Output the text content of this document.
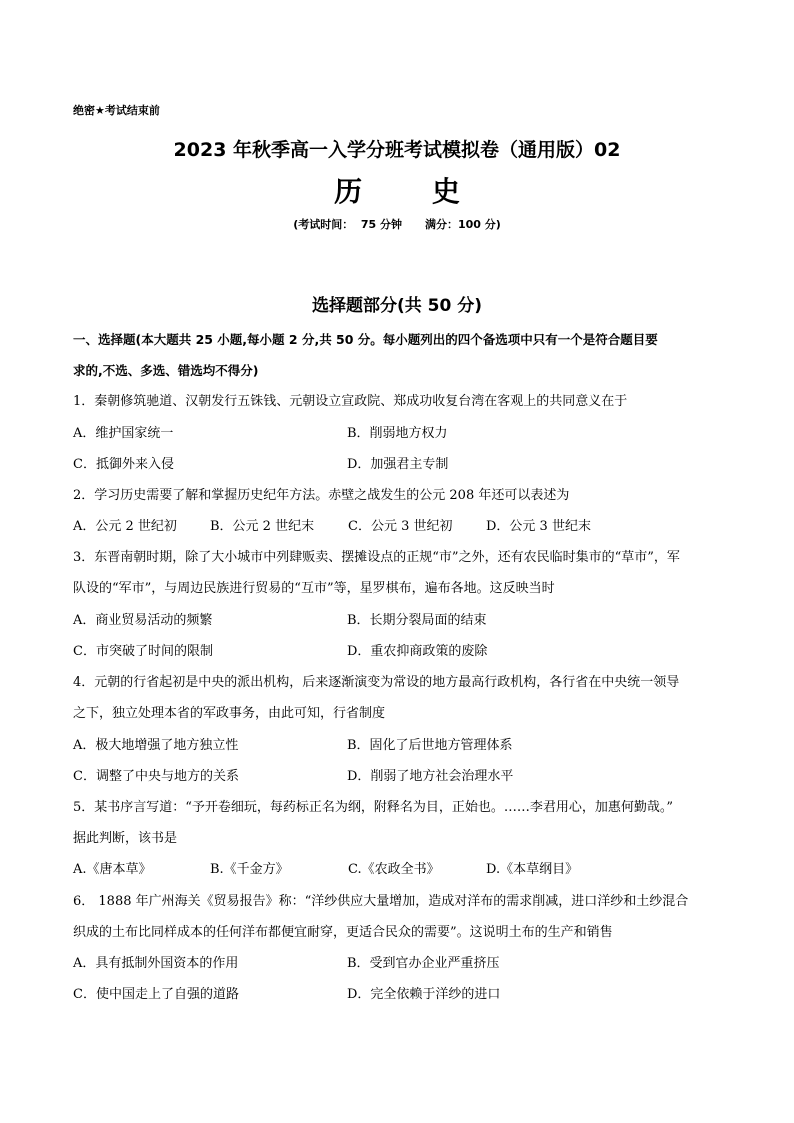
绝密★考试结束前
2023 年秋季高一入学分班考试模拟卷（通用版）02
历 史
(考试时间：  75 分钟      满分：100 分)
选择题部分(共 50 分)
一、选择题(本大题共 25 小题,每小题 2 分,共 50 分。每小题列出的四个备选项中只有一个是符合题目要
求的,不选、多选、错选均不得分)
1．秦朝修筑驰道、汉朝发行五铢钱、元朝设立宣政院、郑成功收复台湾在客观上的共同意义在于
A．维护国家统一	B．削弱地方权力
C．抵御外来入侵	D．加强君主专制
2．学习历史需要了解和掌握历史纪年方法。赤壁之战发生的公元 208 年还可以表述为
A．公元 2 世纪初	B．公元 2 世纪末	C．公元 3 世纪初	D．公元 3 世纪末
3．东晋南朝时期，除了大小城市中列肆贩卖、摆摊设点的正规“市”之外，还有农民临时集市的“草市”，军
队设的“军市”，与周边民族进行贸易的“互市”等，星罗棋布，遍布各地。这反映当时
A．商业贸易活动的频繁	B．长期分裂局面的结束
C．市突破了时间的限制	D．重农抑商政策的废除
4．元朝的行省起初是中央的派出机构，后来逐渐演变为常设的地方最高行政机构，各行省在中央统一领导
之下，独立处理本省的军政事务，由此可知，行省制度
A．极大地增强了地方独立性	B．固化了后世地方管理体系
C．调整了中央与地方的关系	D．削弱了地方社会治理水平
5．某书序言写道：“予开卷细玩，每药标正名为纲，附释名为目，正始也。……李君用心，加惠何勤哉。”
据此判断，该书是
A.《唐本草》	B.《千金方》	C.《农政全书》	D.《本草纲目》
6． 1888 年广州海关《贸易报告》称：“洋纱供应大量增加，造成对洋布的需求削减，进口洋纱和土纱混合
织成的土布比同样成本的任何洋布都便宜耐穿，更适合民众的需要”。这说明土布的生产和销售
A．具有抵制外国资本的作用	B．受到官办企业严重挤压
C．使中国走上了自强的道路	D．完全依赖于洋纱的进口
